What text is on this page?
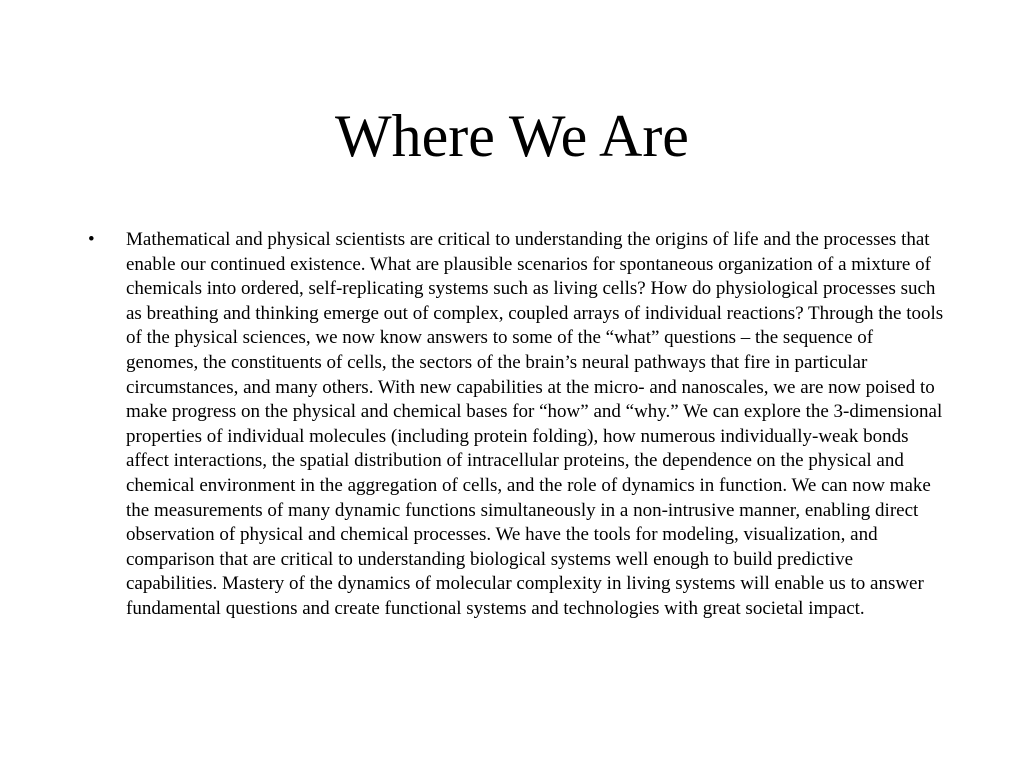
Where We Are
• Mathematical and physical scientists are critical to understanding the origins of life and the processes that enable our continued existence. What are plausible scenarios for spontaneous organization of a mixture of chemicals into ordered, self-replicating systems such as living cells? How do physiological processes such as breathing and thinking emerge out of complex, coupled arrays of individual reactions? Through the tools of the physical sciences, we now know answers to some of the “what” questions – the sequence of genomes, the constituents of cells, the sectors of the brain’s neural pathways that fire in particular circumstances, and many others. With new capabilities at the micro- and nanoscales, we are now poised to make progress on the physical and chemical bases for “how” and “why.” We can explore the 3-dimensional properties of individual molecules (including protein folding), how numerous individually-weak bonds affect interactions, the spatial distribution of intracellular proteins, the dependence on the physical and chemical environment in the aggregation of cells, and the role of dynamics in function. We can now make the measurements of many dynamic functions simultaneously in a non-intrusive manner, enabling direct observation of physical and chemical processes. We have the tools for modeling, visualization, and comparison that are critical to understanding biological systems well enough to build predictive capabilities. Mastery of the dynamics of molecular complexity in living systems will enable us to answer fundamental questions and create functional systems and technologies with great societal impact.
